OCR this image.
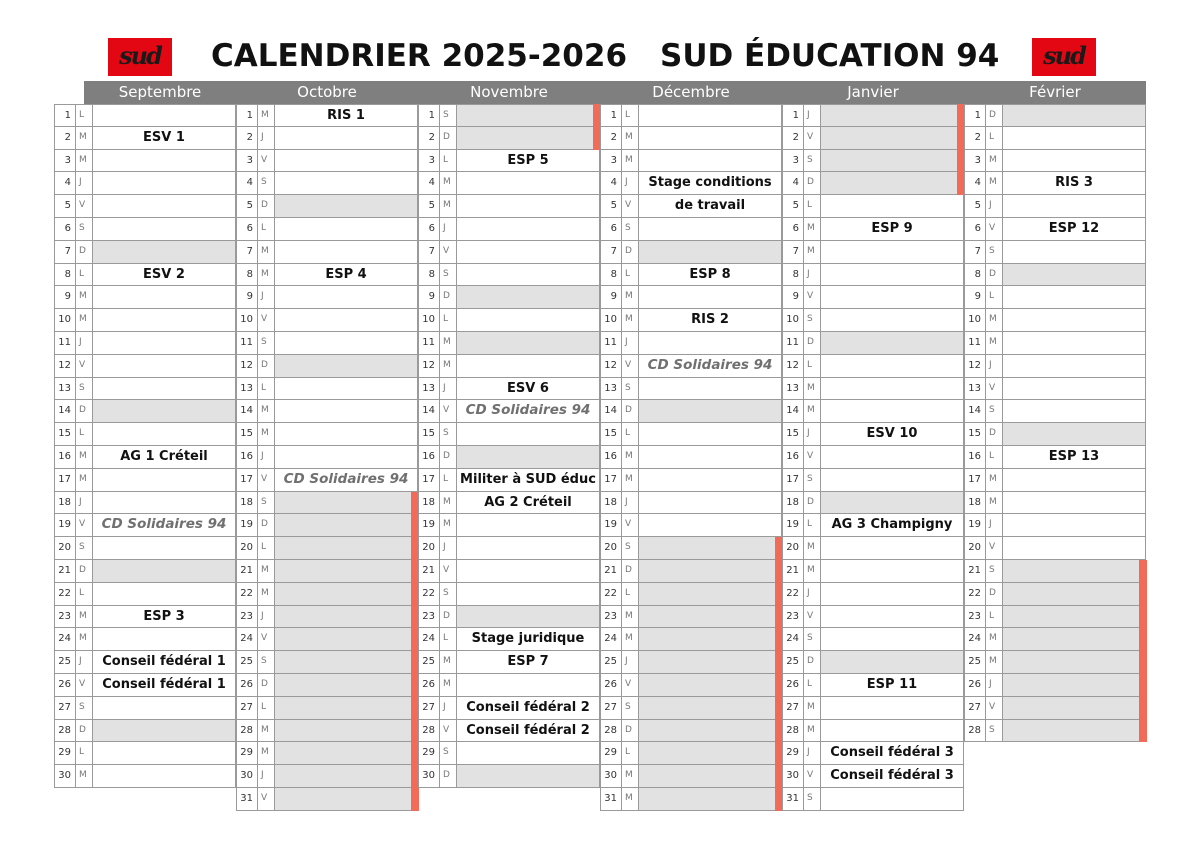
sud	CALENDRIER 2025-2026 SUD ÉDUCATION 94	sud
Septembre
1 L
2 M	ESV 1
3 M
4 J
5 V
6 S
7 D
8 L	ESV 2
9 M
10 M
11 J
12 V
13 S
14 D
15 L
16 M	AG 1 Créteil
17 M
18 J
19 V	CD Solidaires 94
20 S
21 D
22 L
23 M	ESP 3
24 M
25 J	Conseil fédéral 1
26 V	Conseil fédéral 1
27 S
28 D
29 L
30 M
Octobre
1 M	RIS 1
2 J
3 V
4 S
5 D
6 L
7 M
8 M	ESP 4
9 J
10 V
11 S
12 D
13 L
14 M
15 M
16 J
17 V	CD Solidaires 94
18 S
19 D
20 L
21 M
22 M
23 J
24 V
25 S
26 D
27 L
28 M
29 M
30 J
31 V
Novembre
1 S
2 D
3 L	ESP 5
4 M
5 M
6 J
7 V
8 S
9 D
10 L
11 M
12 M
13 J	ESV 6
14 V	CD Solidaires 94
15 S
16 D
17 L Militer à SUD éduc
18 M	AG 2 Créteil
19 M
20 J
21 V
22 S
23 D
24 L	Stage juridique
25 M	ESP 7
26 M
27 J	Conseil fédéral 2
28 V	Conseil fédéral 2
29 S
30 D
Décembre
1 L
2 M
3 M
4 J	Stage conditions
5 V	de travail
6 S
7 D
8 L	ESP 8
9 M
10 M	RIS 2
11 J
12 V	CD Solidaires 94
13 S
14 D
15 L
16 M
17 M
18 J
19 V
20 S
21 D
22 L
23 M
24 M
25 J
26 V
27 S
28 D
29 L
30 M
31 M
Janvier
1 J
2 V
3 S
4 D
5 L
6 M	ESP 9
7 M
8 J
9 V
10 S
11 D
12 L
13 M
14 M
15 J	ESV 10
16 V
17 S
18 D
19 L	AG 3 Champigny
20 M
21 M
22 J
23 V
24 S
25 D
26 L	ESP 11
27 M
28 M
29 J	Conseil fédéral 3
30 V	Conseil fédéral 3
31 S
Février
1 D
2 L
3 M
4 M	RIS 3
5 J
6 V	ESP 12
7 S
8 D
9 L
10 M
11 M
12 J
13 V
14 S
15 D
16 L	ESP 13
17 M
18 M
19 J
20 V
21 S
22 D
23 L
24 M
25 M
26 J
27 V
28 S
